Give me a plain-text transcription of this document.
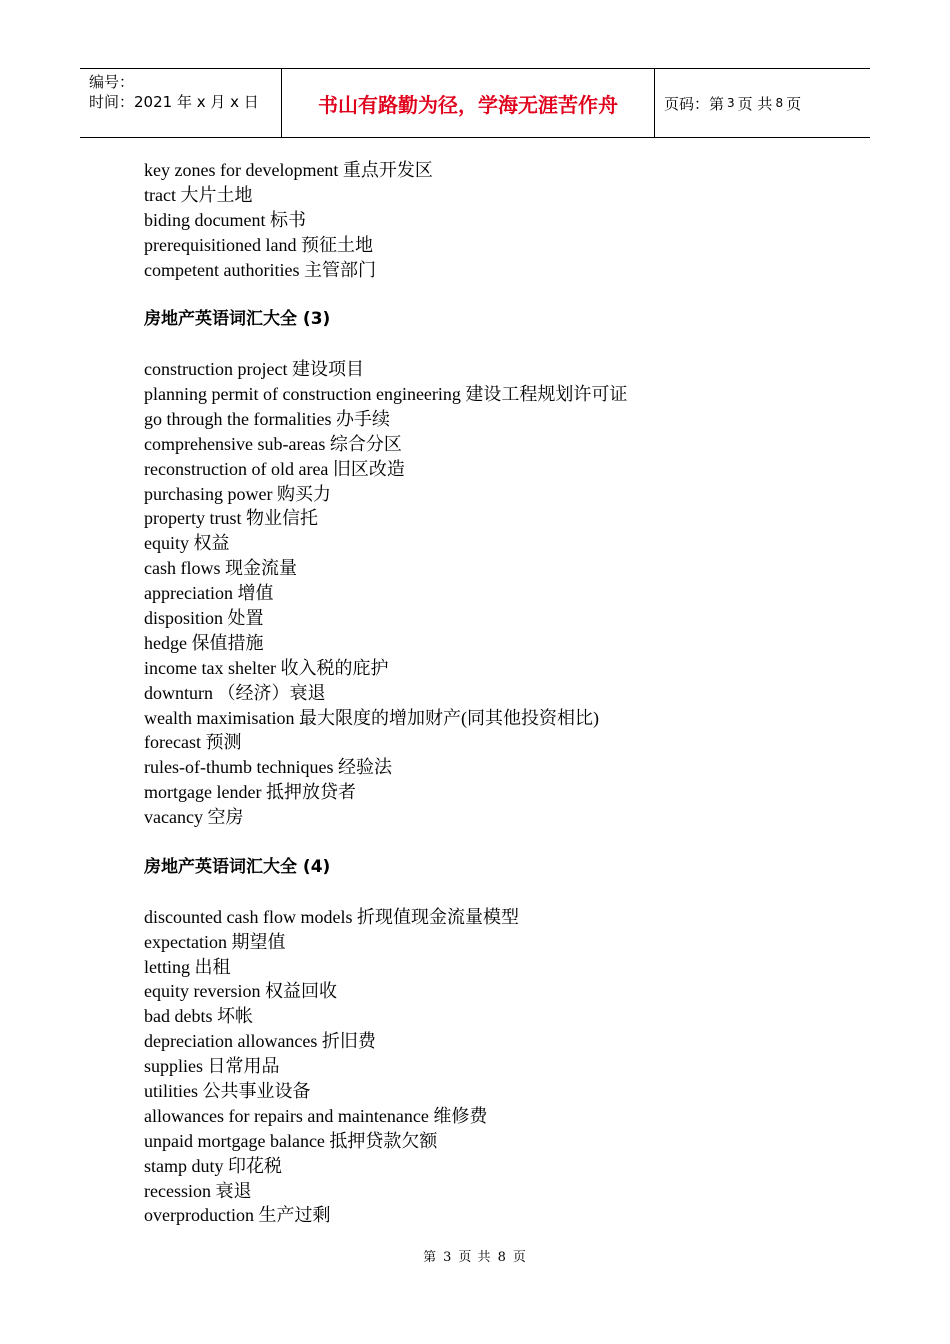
编号：
时间：2021 年 x 月 x 日	书山有路勤为径，学海无涯苦作舟	页码：第 3 页 共 8 页
key zones for development 重点开发区
tract 大片土地
biding document 标书
prerequisitioned land 预征土地
competent authorities 主管部门
房地产英语词汇大全 (3)
construction project 建设项目
planning permit of construction engineering 建设工程规划许可证
go through the formalities 办手续
comprehensive sub-areas 综合分区
reconstruction of old area 旧区改造
purchasing power 购买力
property trust 物业信托
equity 权益
cash flows 现金流量
appreciation 增值
disposition 处置
hedge 保值措施
income tax shelter 收入税的庇护
downturn （经济）衰退
wealth maximisation 最大限度的增加财产(同其他投资相比)
forecast 预测
rules-of-thumb techniques 经验法
mortgage lender 抵押放贷者
vacancy 空房
房地产英语词汇大全 (4)
discounted cash flow models 折现值现金流量模型
expectation 期望值
letting 出租
equity reversion 权益回收
bad debts 坏帐
depreciation allowances 折旧费
supplies 日常用品
utilities 公共事业设备
allowances for repairs and maintenance 维修费
unpaid mortgage balance 抵押贷款欠额
stamp duty 印花税
recession 衰退
overproduction 生产过剩
第 3 页 共 8 页
